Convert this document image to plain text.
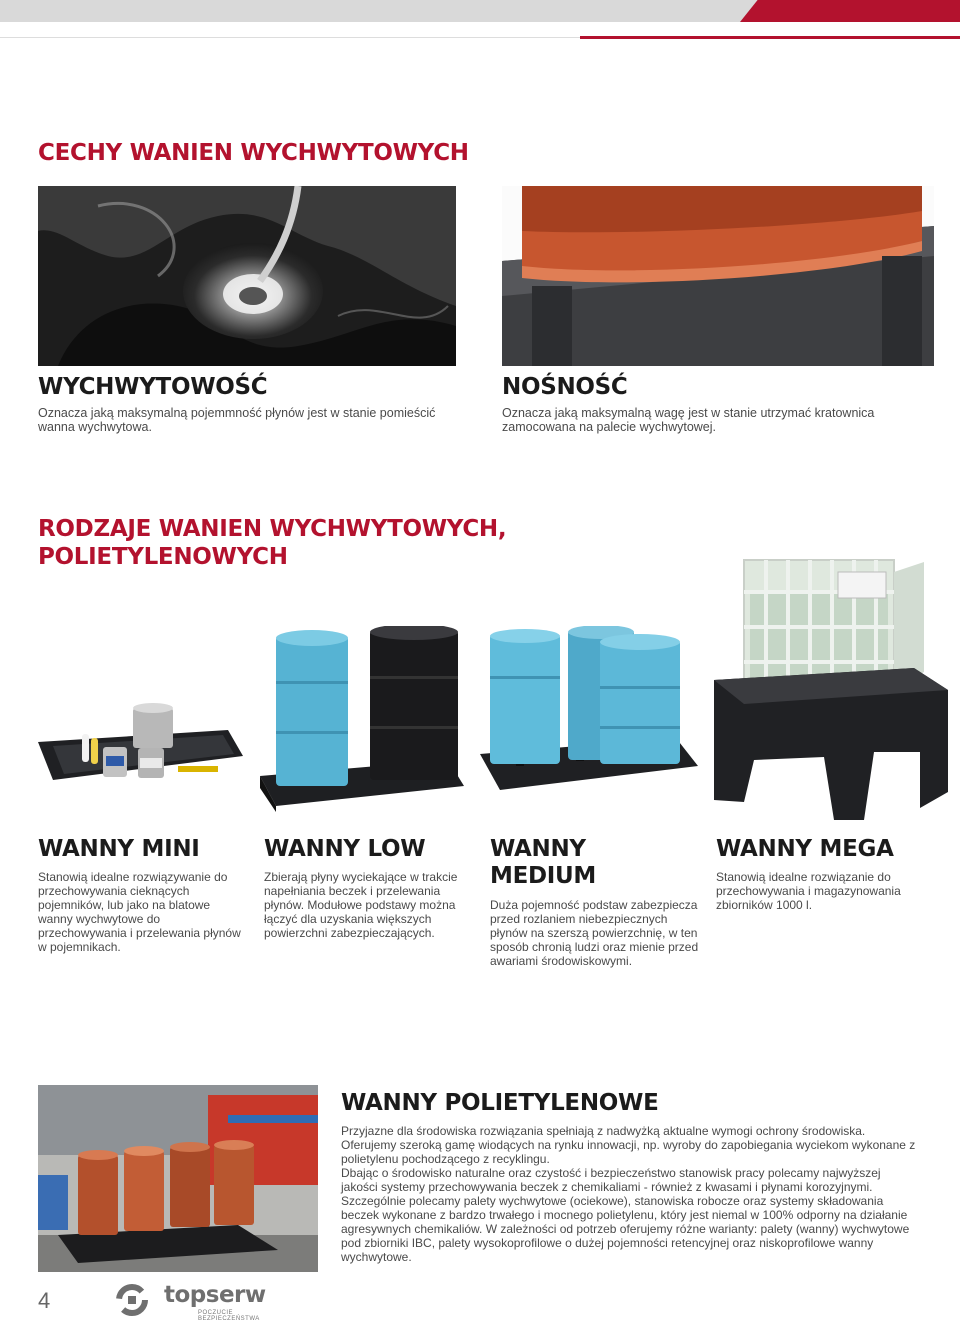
CECHY WANIEN WYCHWYTOWYCH
WYCHWYTOWOŚĆ
Oznacza jaką maksymalną pojemmność płynów jest w stanie pomieścić wanna wychwytowa.
NOŚNOŚĆ
Oznacza jaką maksymalną wagę jest w stanie utrzymać kratownica zamocowana na palecie wychwytowej.
RODZAJE WANIEN WYCHWYTOWYCH,
POLIETYLENOWYCH
WANNY MINI
Stanowią idealne rozwiązywanie do przechowywania cieknących pojemników, lub jako na blatowe wanny wychwytowe do przechowywania i przelewania płynów w pojemnikach.
WANNY LOW
Zbierają płyny wyciekające w trakcie napełniania beczek i przelewania płynów. Modułowe podstawy można łączyć dla uzyskania większych powierzchni zabezpieczających.
WANNY
MEDIUM
Duża pojemność podstaw zabezpiecza przed rozlaniem niebezpiecznych płynów na szerszą powierzchnię, w ten sposób chronią ludzi oraz mienie przed awariami środowiskowymi.
WANNY MEGA
Stanowią idealne rozwiązanie do przechowywania i magazynowania zbiorników 1000 l.
WANNY POLIETYLENOWE
Przyjazne dla środowiska rozwiązania spełniają z nadwyżką aktualne wymogi ochrony środowiska. Oferujemy szeroką gamę wiodących na rynku innowacji, np. wyroby do zapobiegania wyciekom wykonane z polietylenu pochodzącego z recyklingu.
Dbając o środowisko naturalne oraz czystość i bezpieczeństwo stanowisk pracy polecamy najwyższej jakości systemy przechowywania beczek z chemikaliami - również z kwasami i płynami korozyjnymi. Szczególnie polecamy palety wychwytowe (ociekowe), stanowiska robocze oraz systemy składowania beczek wykonane z bardzo trwałego i mocnego polietylenu, który jest niemal w 100% odporny na działanie agresywnych chemikaliów. W zależności od potrzeb oferujemy różne warianty: palety (wanny) wychwytowe pod zbiorniki IBC, palety wysokoprofilowe o dużej pojemności retencyjnej oraz niskoprofilowe wanny wychwytowe.
4	topserw
POCZUCIE BEZPIECZEŃSTWA
